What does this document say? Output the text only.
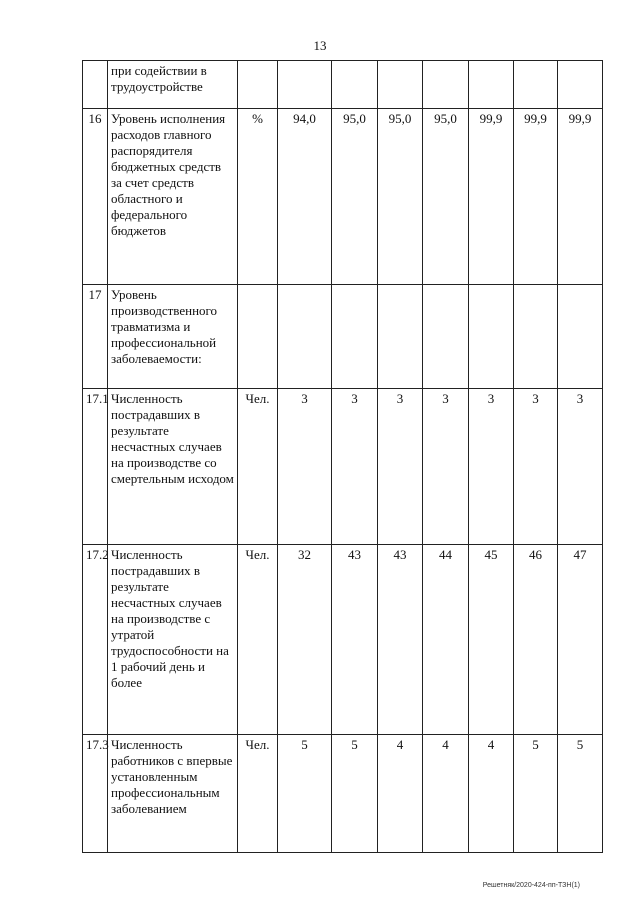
13
	при содействии в трудоустройстве								
16	Уровень исполнения расходов главного распорядителя бюджетных средств за счет средств областного и федерального бюджетов	%	94,0	95,0	95,0	95,0	99,9	99,9	99,9
17	Уровень производственного травматизма и профессиональной заболеваемости:								
17.1	Численность пострадавших в результате несчастных случаев на производстве со смертельным исходом	Чел.	3	3	3	3	3	3	3
17.2	Численность пострадавших в результате несчастных случаев на производстве с утратой трудоспособности на 1 рабочий день и более	Чел.	32	43	43	44	45	46	47
17.3	Численность работников с впервые установленным профессиональным заболеванием	Чел.	5	5	4	4	4	5	5
Решетняк/2020-424-пп-ТЗН(1)
